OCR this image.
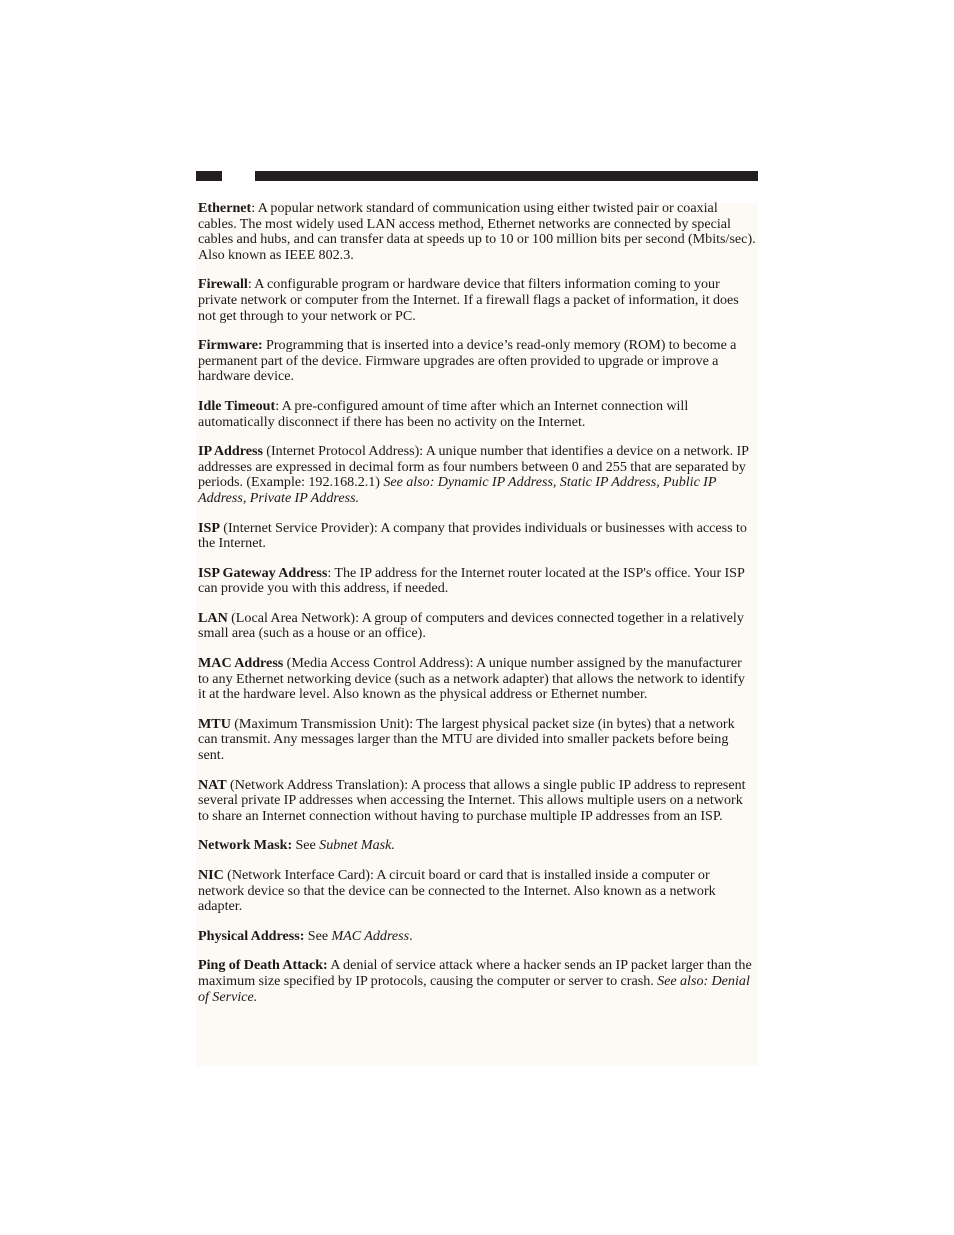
Ethernet: A popular network standard of communication using either twisted pair or coaxial cables. The most widely used LAN access method, Ethernet networks are connected by special cables and hubs, and can transfer data at speeds up to 10 or 100 million bits per second (Mbits/sec). Also known as IEEE 802.3.

Firewall: A configurable program or hardware device that filters information coming to your private network or computer from the Internet. If a firewall flags a packet of information, it does not get through to your network or PC.

Firmware: Programming that is inserted into a device’s read-only memory (ROM) to become a permanent part of the device. Firmware upgrades are often provided to upgrade or improve a hardware device.

Idle Timeout: A pre-configured amount of time after which an Internet connection will automatically disconnect if there has been no activity on the Internet.

IP Address (Internet Protocol Address): A unique number that identifies a device on a network. IP addresses are expressed in decimal form as four numbers between 0 and 255 that are separated by periods. (Example: 192.168.2.1) See also: Dynamic IP Address, Static IP Address, Public IP Address, Private IP Address.

ISP (Internet Service Provider): A company that provides individuals or businesses with access to the Internet.

ISP Gateway Address: The IP address for the Internet router located at the ISP's office. Your ISP can provide you with this address, if needed.

LAN (Local Area Network): A group of computers and devices connected together in a relatively small area (such as a house or an office).

MAC Address (Media Access Control Address): A unique number assigned by the manufacturer to any Ethernet networking device (such as a network adapter) that allows the network to identify it at the hardware level. Also known as the physical address or Ethernet number.

MTU (Maximum Transmission Unit): The largest physical packet size (in bytes) that a network can transmit. Any messages larger than the MTU are divided into smaller packets before being sent.

NAT (Network Address Translation): A process that allows a single public IP address to represent several private IP addresses when accessing the Internet. This allows multiple users on a network to share an Internet connection without having to purchase multiple IP addresses from an ISP.

Network Mask: See Subnet Mask.

NIC (Network Interface Card): A circuit board or card that is installed inside a computer or network device so that the device can be connected to the Internet. Also known as a network adapter.

Physical Address: See MAC Address.

Ping of Death Attack: A denial of service attack where a hacker sends an IP packet larger than the maximum size specified by IP protocols, causing the computer or server to crash. See also: Denial of Service.
